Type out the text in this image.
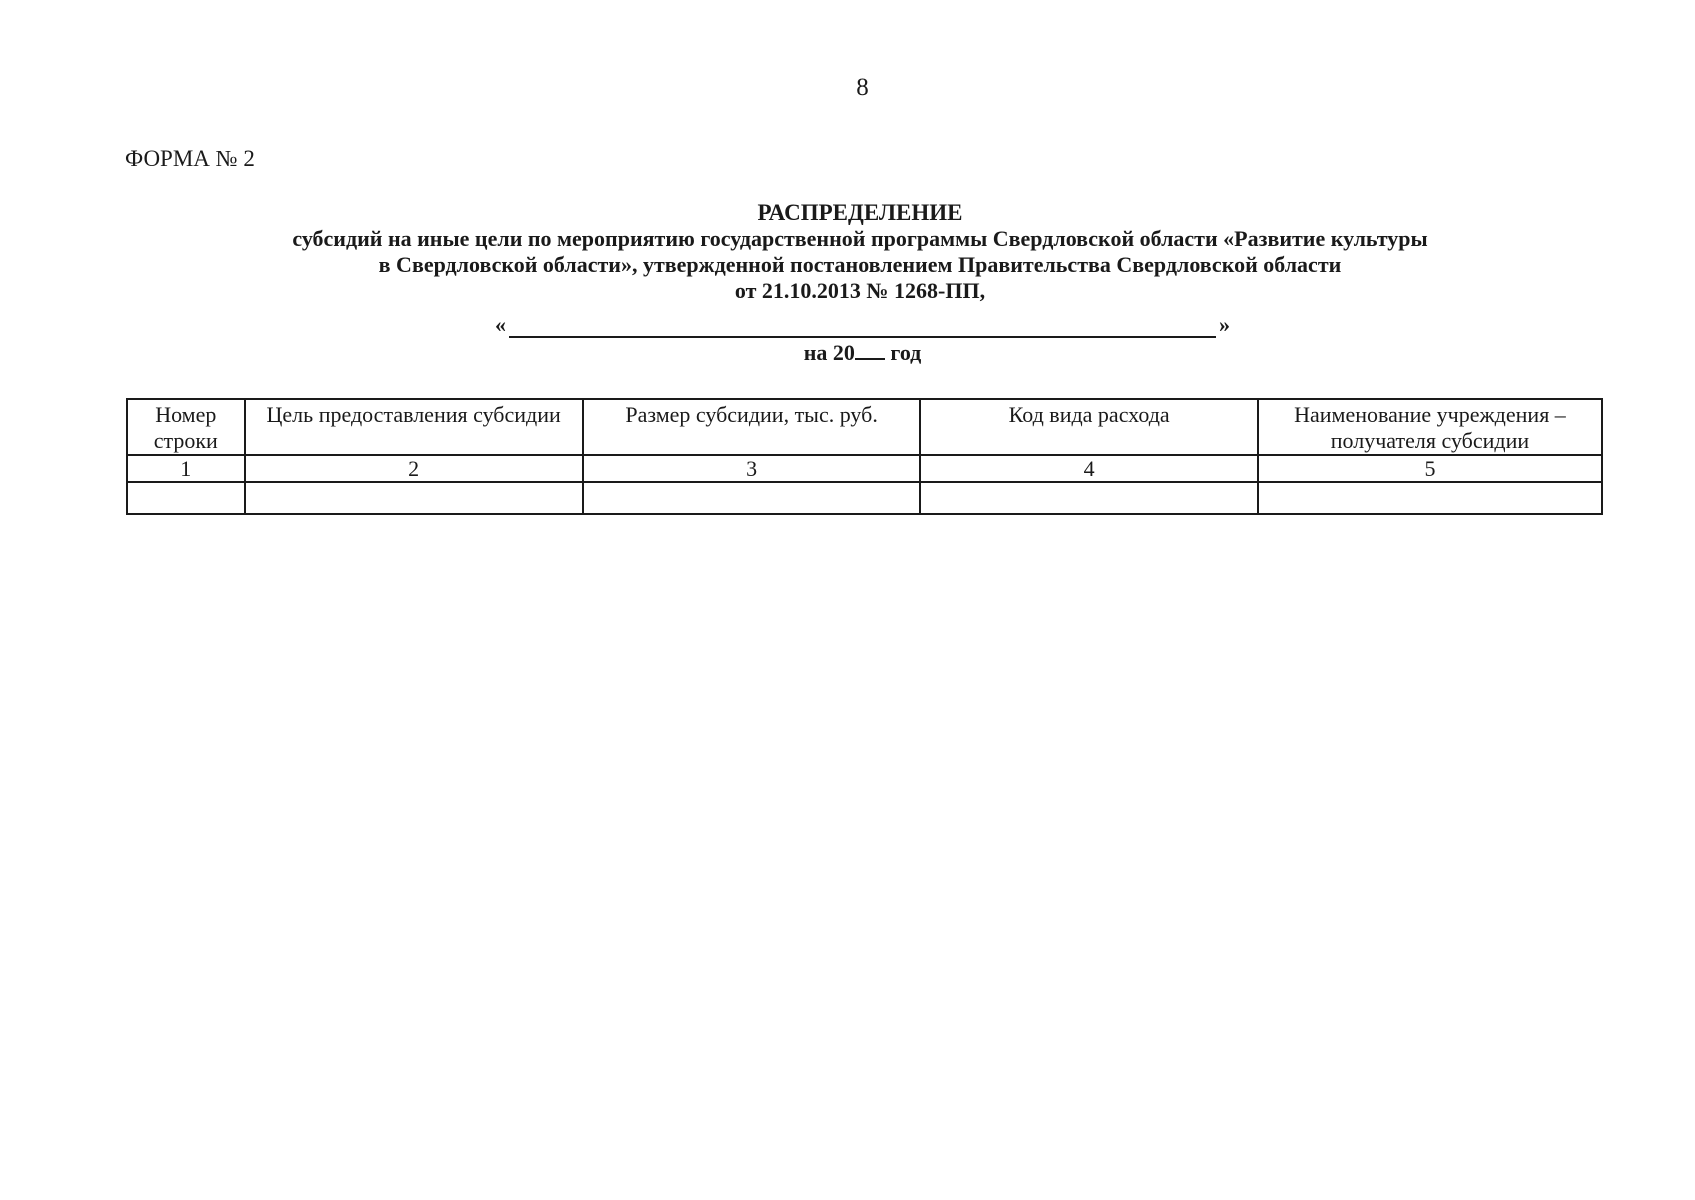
8
ФОРМА № 2
РАСПРЕДЕЛЕНИЕ
субсидий на иные цели по мероприятию государственной программы Свердловской области «Развитие культуры
в Свердловской области», утвержденной постановлением Правительства Свердловской области
от 21.10.2013 № 1268-ПП,
«	»
на 20 год
Номер строки	Цель предоставления субсидии	Размер субсидии, тыс. руб.	Код вида расхода	Наименование учреждения – получателя субсидии
1	2	3	4	5
